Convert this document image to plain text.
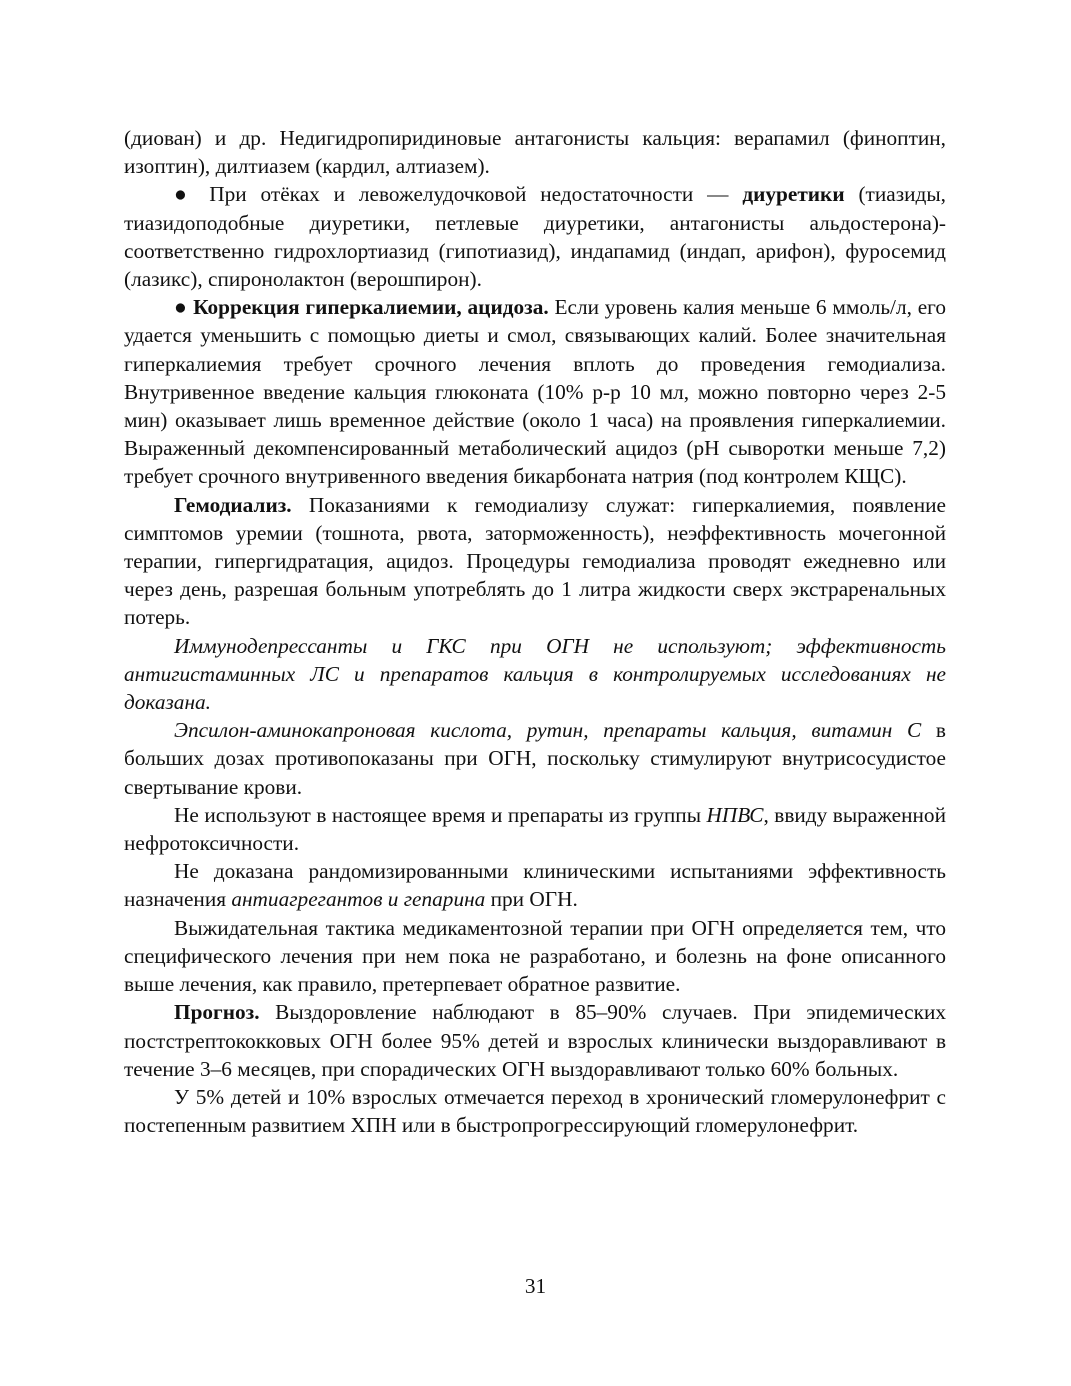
(диован) и др. Недигидропиридиновые антагонисты кальция: верапамил (финоптин, изоптин), дилтиазем (кардил, алтиазем).

● При отёках и левожелудочковой недостаточности — диуретики (тиазиды, тиазидоподобные диуретики, петлевые диуретики, антагонисты альдостерона)- соответственно гидрохлортиазид (гипотиазид), индапамид (индап, арифон), фуросемид (лазикс), спиронолактон (верошпирон).

● Коррекция гиперкалиемии, ацидоза. Если уровень калия меньше 6 ммоль/л, его удается уменьшить с помощью диеты и смол, связывающих калий. Более значительная гиперкалиемия требует срочного лечения вплоть до проведения гемодиализа. Внутривенное введение кальция глюконата (10% р-р 10 мл, можно повторно через 2-5 мин) оказывает лишь временное действие (около 1 часа) на проявления гиперкалиемии. Выраженный декомпенсированный метаболический ацидоз (рН сыворотки меньше 7,2) требует срочного внутривенного введения бикарбоната натрия (под контролем КЩС).

Гемодиализ. Показаниями к гемодиализу служат: гиперкалиемия, появление симптомов уремии (тошнота, рвота, заторможенность), неэффективность мочегонной терапии, гипергидратация, ацидоз. Процедуры гемодиализа проводят ежедневно или через день, разрешая больным употреблять до 1 литра жидкости сверх экстраренальных потерь.

Иммунодепрессанты и ГКС при ОГН не используют; эффективность антигистаминных ЛС и препаратов кальция в контролируемых исследованиях не доказана.

Эпсилон-аминокапроновая кислота, рутин, препараты кальция, витамин С в больших дозах противопоказаны при ОГН, поскольку стимулируют внутрисосудистое свертывание крови.

Не используют в настоящее время и препараты из группы НПВС, ввиду выраженной нефротоксичности.

Не доказана рандомизированными клиническими испытаниями эффективность назначения антиагрегантов и гепарина при ОГН.

Выжидательная тактика медикаментозной терапии при ОГН определяется тем, что специфического лечения при нем пока не разработано, и болезнь на фоне описанного выше лечения, как правило, претерпевает обратное развитие.

Прогноз. Выздоровление наблюдают в 85–90% случаев. При эпидемических постстрептококковых ОГН более 95% детей и взрослых клинически выздоравливают в течение 3–6 месяцев, при спорадических ОГН выздоравливают только 60% больных.

У 5% детей и 10% взрослых отмечается переход в хронический гломерулонефрит с постепенным развитием ХПН или в быстропрогрессирующий гломерулонефрит.

31
